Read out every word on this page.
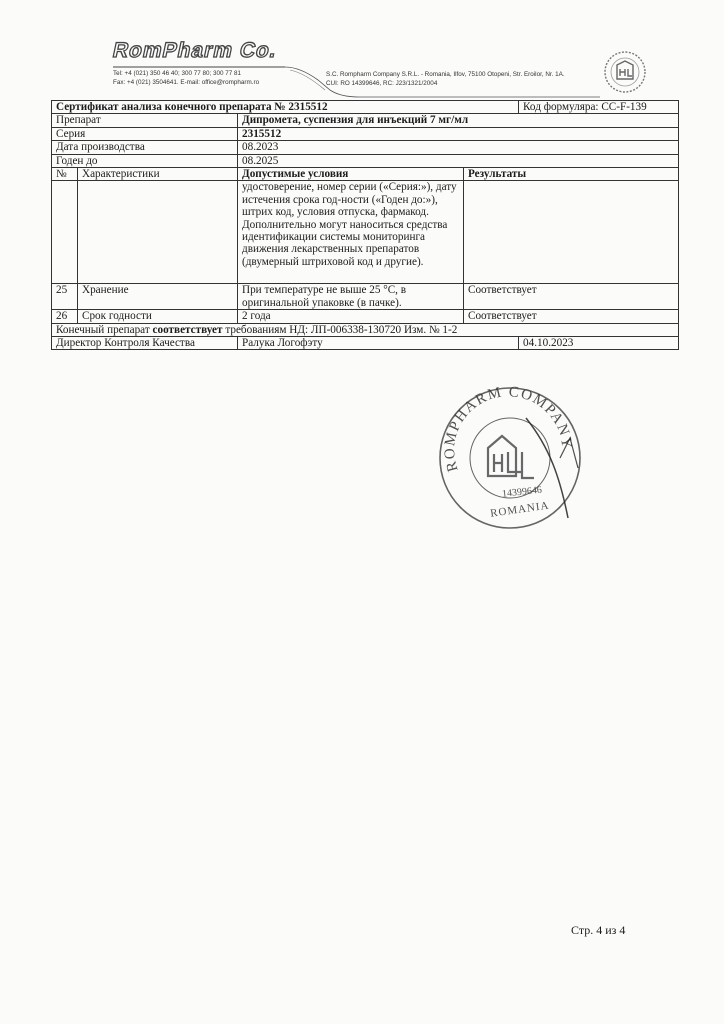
RomPharm Co.
Tel: +4 (021) 350 46 40; 300 77 80; 300 77 81
Fax: +4 (021) 3504641. E-mail: office@rompharm.ro
S.C. Rompharm Company S.R.L. - Romania, Ilfov, 75100 Otopeni, Str. Eroilor, Nr. 1A.
CUI: RO 14399646, RC: J23/1321/2004
Сертификат анализа конечного препарата № 2315512				Код формуляра: CC-F-139
Препарат		Дипромета, суспензия для инъекций 7 мг/мл		
Серия		2315512		
Дата производства		08.2023		
Годен до		08.2025		
№	Характеристики	Допустимые условия	Результаты	
		удостоверение, номер серии («Серия:»), дату истечения срока год-ности («Годен до:»), штрих код, условия отпуска, фармакод. Дополнительно могут наноситься средства идентификации системы мониторинга движения лекарственных препаратов (двумерный штриховой код и другие).		
25	Хранение	При температуре не выше 25 °С, в оригинальной упаковке (в пачке).	Соответствует	
26	Срок годности	2 года	Соответствует	
Конечный препарат соответствует требованиям НД: ЛП-006338-130720 Изм. № 1-2				
Директор Контроля Качества		Ралука Логофэту		04.10.2023
ROMPHARM COMPANY
14399646
ROMANIA
Стр. 4 из 4
